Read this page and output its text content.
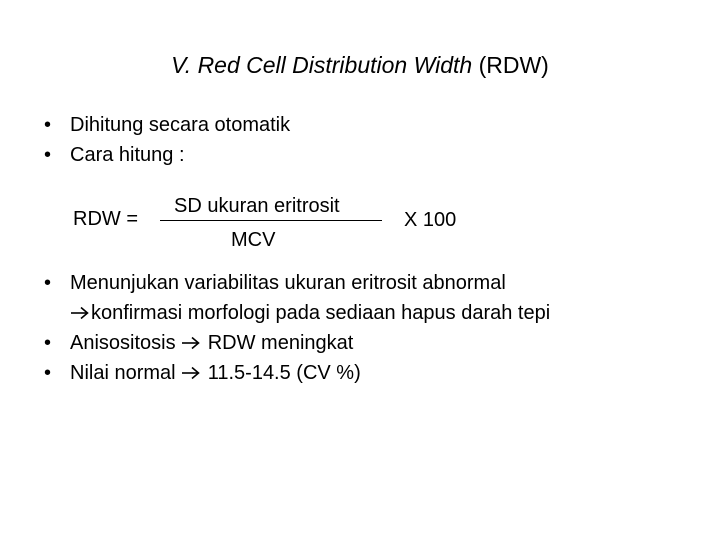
V. Red Cell Distribution Width (RDW)
• Dihitung secara otomatik
• Cara hitung :
• Menunjukan variabilitas ukuran eritrosit abnormal
konfirmasi morfologi pada sediaan hapus darah tepi
• Anisositosis  RDW meningkat
• Nilai normal  11.5-14.5 (CV %)
RDW =
SD ukuran eritrosit
MCV
X 100
